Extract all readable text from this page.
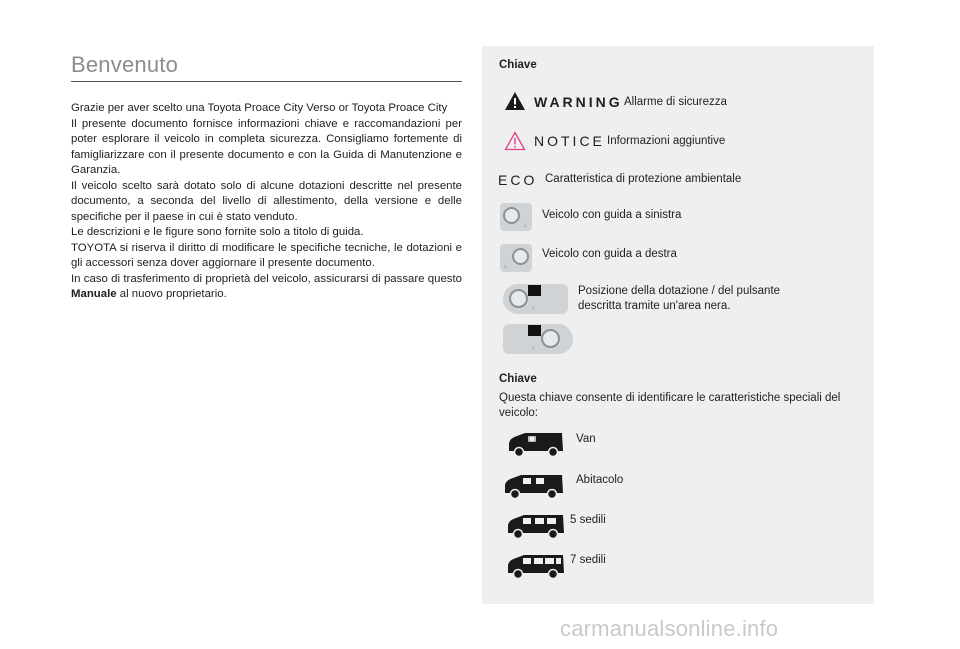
Benvenuto

Grazie per aver scelto una Toyota Proace City Verso or Toyota Proace City

Il presente documento fornisce informazioni chiave e raccomandazioni per poter esplorare il veicolo in completa sicurezza. Consigliamo fortemente di famigliarizzare con il presente documento e con la Guida di Manutenzione e Garanzia.

Il veicolo scelto sarà dotato solo di alcune dotazioni descritte nel presente documento, a seconda del livello di allestimento, della versione e delle specifiche per il paese in cui è stato venduto.

Le descrizioni e le figure sono fornite solo a titolo di guida.

TOYOTA si riserva il diritto di modificare le specifiche tecniche, le dotazioni e gli accessori senza dover aggiornare il presente documento.

In caso di trasferimento di proprietà del veicolo, assicurarsi di passare questo Manuale al nuovo proprietario.

Chiave
WARNING Allarme di sicurezza
NOTICE Informazioni aggiuntive
ECO Caratteristica di protezione ambientale
↓
Veicolo con guida a sinistra
↓
Veicolo con guida a destra
↓
↓
Posizione della dotazione / del pulsante
descritta tramite un'area nera.
Chiave
Questa chiave consente di identificare le caratteristiche speciali del veicolo:
Van
Abitacolo
5 sedili
7 sedili
carmanualsonline.info
